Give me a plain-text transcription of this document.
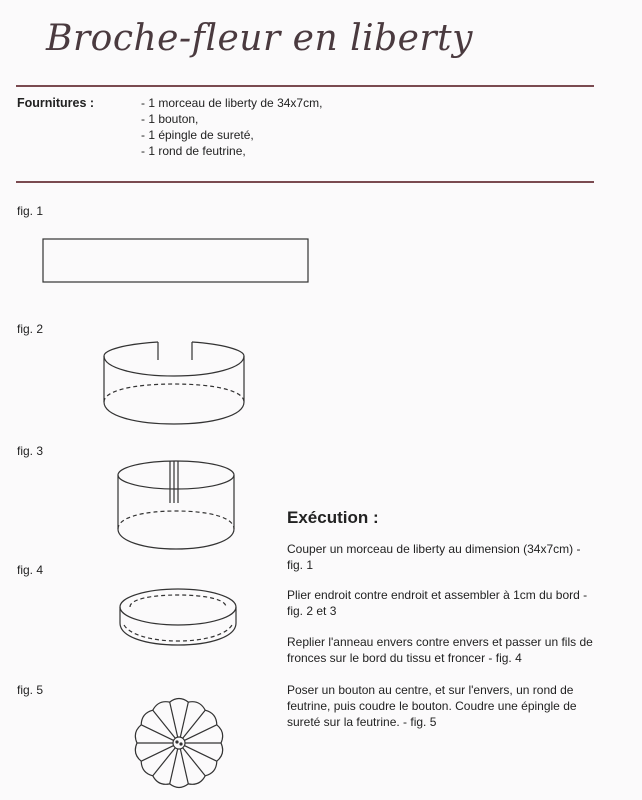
Broche-fleur en liberty
Fournitures :	- 1 morceau de liberty de 34x7cm,
- 1 bouton,
- 1 épingle de sureté,
- 1 rond de feutrine,
fig. 1
fig. 2
fig. 3
fig. 4
fig. 5
Exécution :

Couper un morceau de liberty au dimension (34x7cm) - fig. 1

Plier endroit contre endroit et assembler à 1cm du bord - fig. 2 et 3

Replier l'anneau envers contre envers et passer un fils de fronces sur le bord du tissu et froncer - fig. 4

Poser un bouton au centre, et sur l'envers, un rond de feutrine, puis coudre le bouton. Coudre une épingle de sureté sur la feutrine. - fig. 5
